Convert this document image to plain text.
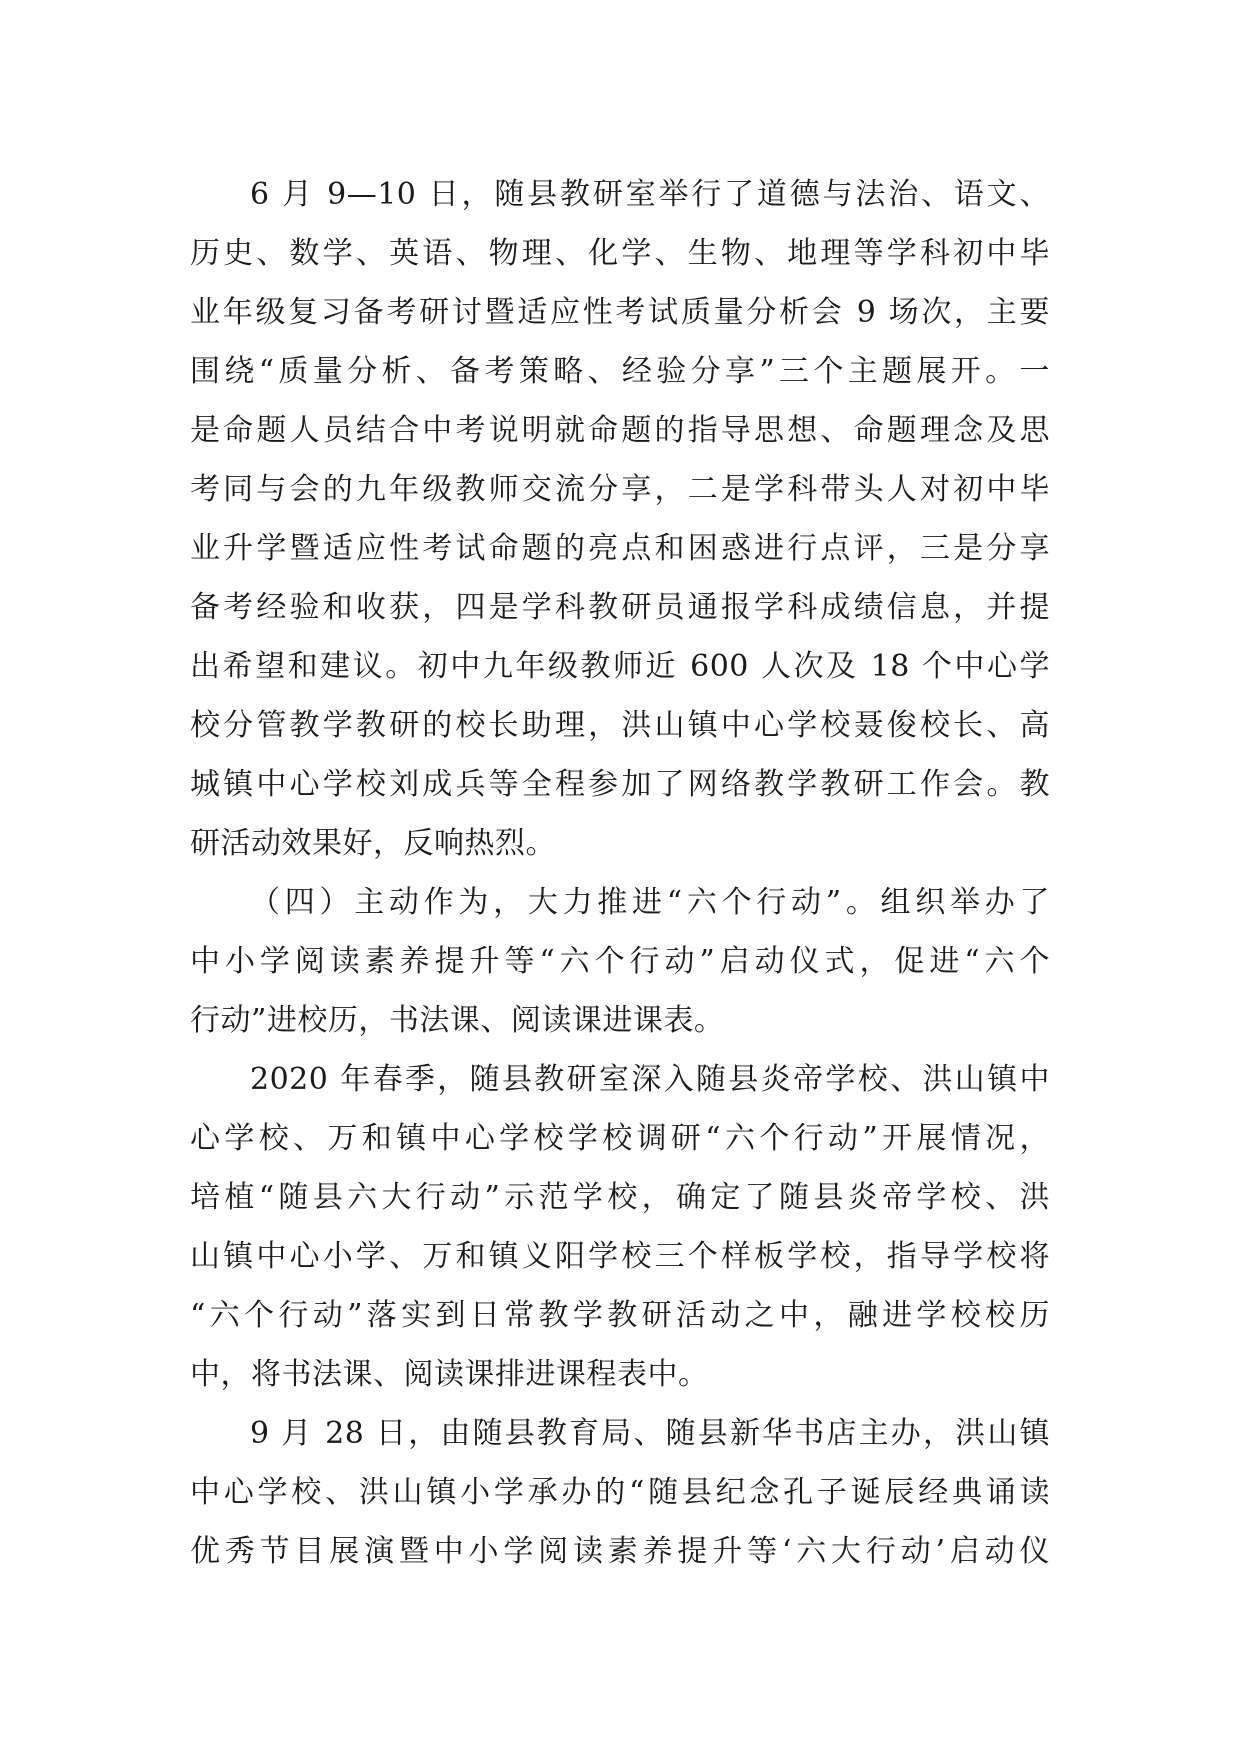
6 月 9—10 日，随县教研室举行了道德与法治、语文、
历史、数学、英语、物理、化学、生物、地理等学科初中毕
业年级复习备考研讨暨适应性考试质量分析会 9 场次，主要
围绕“质量分析、备考策略、经验分享”三个主题展开。一
是命题人员结合中考说明就命题的指导思想、命题理念及思
考同与会的九年级教师交流分享，二是学科带头人对初中毕
业升学暨适应性考试命题的亮点和困惑进行点评，三是分享
备考经验和收获，四是学科教研员通报学科成绩信息，并提
出希望和建议。初中九年级教师近 600 人次及 18 个中心学
校分管教学教研的校长助理，洪山镇中心学校聂俊校长、高
城镇中心学校刘成兵等全程参加了网络教学教研工作会。教
研活动效果好，反响热烈。

（四）主动作为，大力推进“六个行动”。组织举办了
中小学阅读素养提升等“六个行动”启动仪式，促进“六个
行动”进校历，书法课、阅读课进课表。

2020 年春季，随县教研室深入随县炎帝学校、洪山镇中
心学校、万和镇中心学校学校调研“六个行动”开展情况，
培植“随县六大行动”示范学校，确定了随县炎帝学校、洪
山镇中心小学、万和镇义阳学校三个样板学校，指导学校将
“六个行动”落实到日常教学教研活动之中，融进学校校历
中，将书法课、阅读课排进课程表中。

9 月 28 日，由随县教育局、随县新华书店主办，洪山镇
中心学校、洪山镇小学承办的“随县纪念孔子诞辰经典诵读
优秀节目展演暨中小学阅读素养提升等‘六大行动’启动仪
